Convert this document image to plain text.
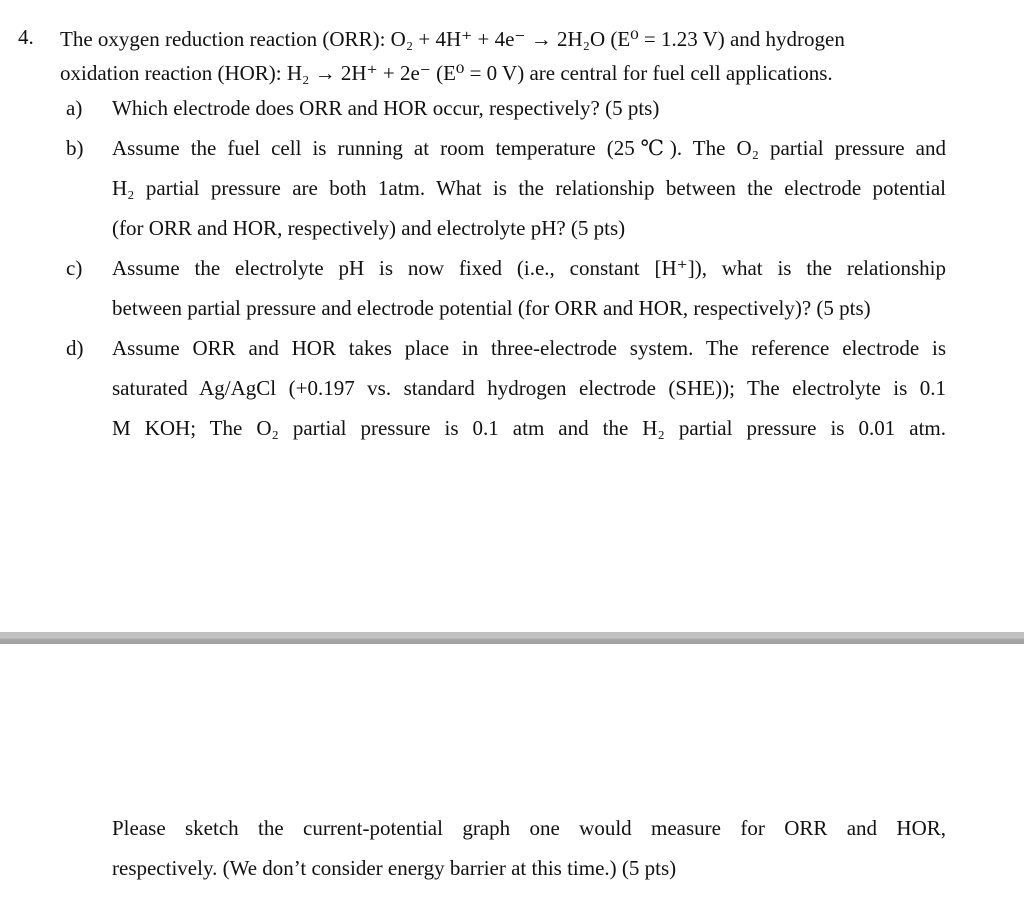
4. The oxygen reduction reaction (ORR): O₂ + 4H⁺ + 4e⁻ → 2H₂O (E⁰ = 1.23 V) and hydrogen
oxidation reaction (HOR): H₂ → 2H⁺ + 2e⁻ (E⁰ = 0 V) are central for fuel cell applications.
a)	Which electrode does ORR and HOR occur, respectively? (5 pts)
b)	Assume the fuel cell is running at room temperature (25℃). The O₂ partial pressure and
H₂ partial pressure are both 1atm. What is the relationship between the electrode potential
(for ORR and HOR, respectively) and electrolyte pH? (5 pts)
c)	Assume the electrolyte pH is now fixed (i.e., constant [H⁺]), what is the relationship
between partial pressure and electrode potential (for ORR and HOR, respectively)? (5 pts)
d)	Assume ORR and HOR takes place in three-electrode system. The reference electrode is
saturated Ag/AgCl (+0.197 vs. standard hydrogen electrode (SHE)); The electrolyte is 0.1
M KOH; The O₂ partial pressure is 0.1 atm and the H₂ partial pressure is 0.01 atm.
Please sketch the current-potential graph one would measure for ORR and HOR,
respectively. (We don’t consider energy barrier at this time.) (5 pts)
